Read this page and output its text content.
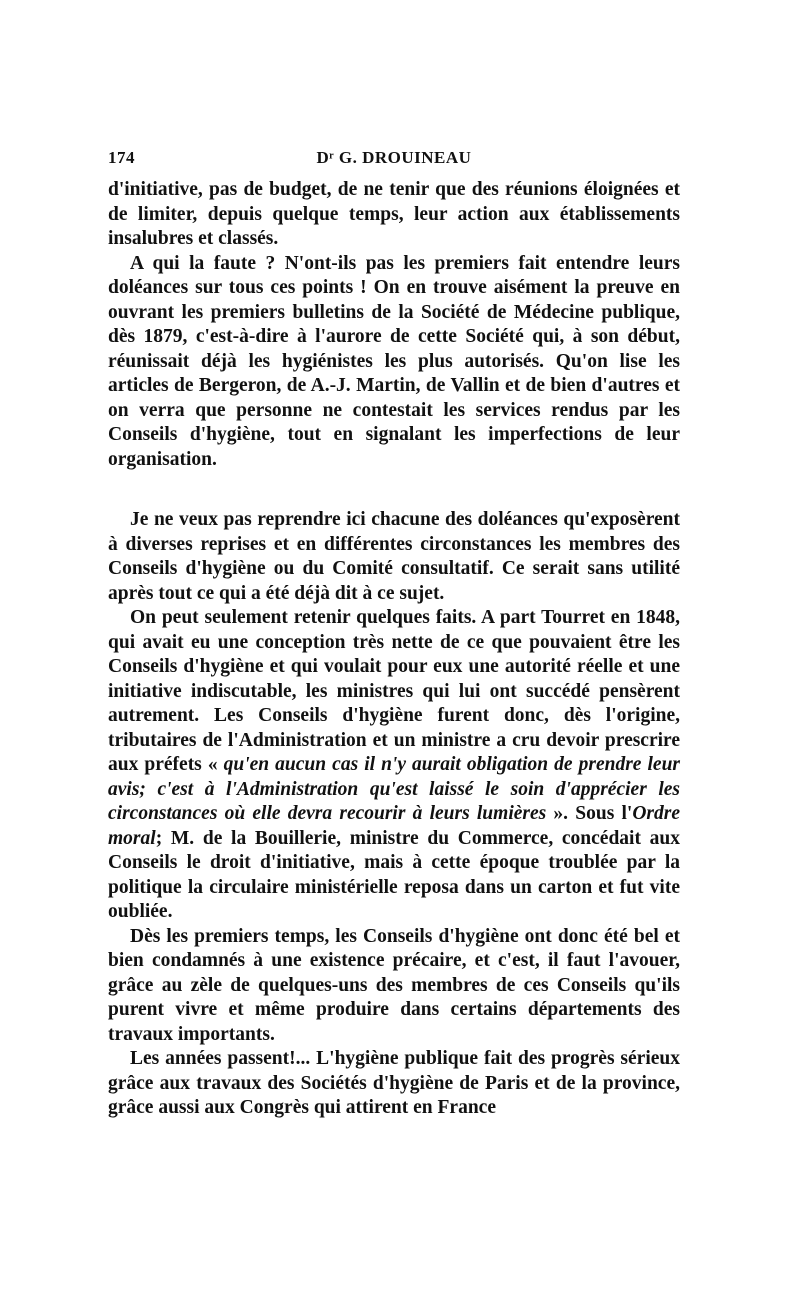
174	Dʳ G. DROUINEAU

d'initiative, pas de budget, de ne tenir que des réunions éloignées et de limiter, depuis quelque temps, leur action aux établissements insalubres et classés.

A qui la faute ? N'ont-ils pas les premiers fait entendre leurs doléances sur tous ces points ! On en trouve aisément la preuve en ouvrant les premiers bulletins de la Société de Médecine publique, dès 1879, c'est-à-dire à l'aurore de cette Société qui, à son début, réunissait déjà les hygiénistes les plus autorisés. Qu'on lise les articles de Bergeron, de A.-J. Martin, de Vallin et de bien d'autres et on verra que personne ne contestait les services rendus par les Conseils d'hygiène, tout en signalant les imperfections de leur organisation.

Je ne veux pas reprendre ici chacune des doléances qu'exposèrent à diverses reprises et en différentes circonstances les membres des Conseils d'hygiène ou du Comité consultatif. Ce serait sans utilité après tout ce qui a été déjà dit à ce sujet.

On peut seulement retenir quelques faits. A part Tourret en 1848, qui avait eu une conception très nette de ce que pouvaient être les Conseils d'hygiène et qui voulait pour eux une autorité réelle et une initiative indiscutable, les ministres qui lui ont succédé pensèrent autrement. Les Conseils d'hygiène furent donc, dès l'origine, tributaires de l'Administration et un ministre a cru devoir prescrire aux préfets « qu'en aucun cas il n'y aurait obligation de prendre leur avis; c'est à l'Administration qu'est laissé le soin d'apprécier les circonstances où elle devra recourir à leurs lumières ». Sous l'Ordre moral; M. de la Bouillerie, ministre du Commerce, concédait aux Conseils le droit d'initiative, mais à cette époque troublée par la politique la circulaire ministérielle reposa dans un carton et fut vite oubliée.

Dès les premiers temps, les Conseils d'hygiène ont donc été bel et bien condamnés à une existence précaire, et c'est, il faut l'avouer, grâce au zèle de quelques-uns des membres de ces Conseils qu'ils purent vivre et même produire dans certains départements des travaux importants.

Les années passent!... L'hygiène publique fait des progrès sérieux grâce aux travaux des Sociétés d'hygiène de Paris et de la province, grâce aussi aux Congrès qui attirent en France
